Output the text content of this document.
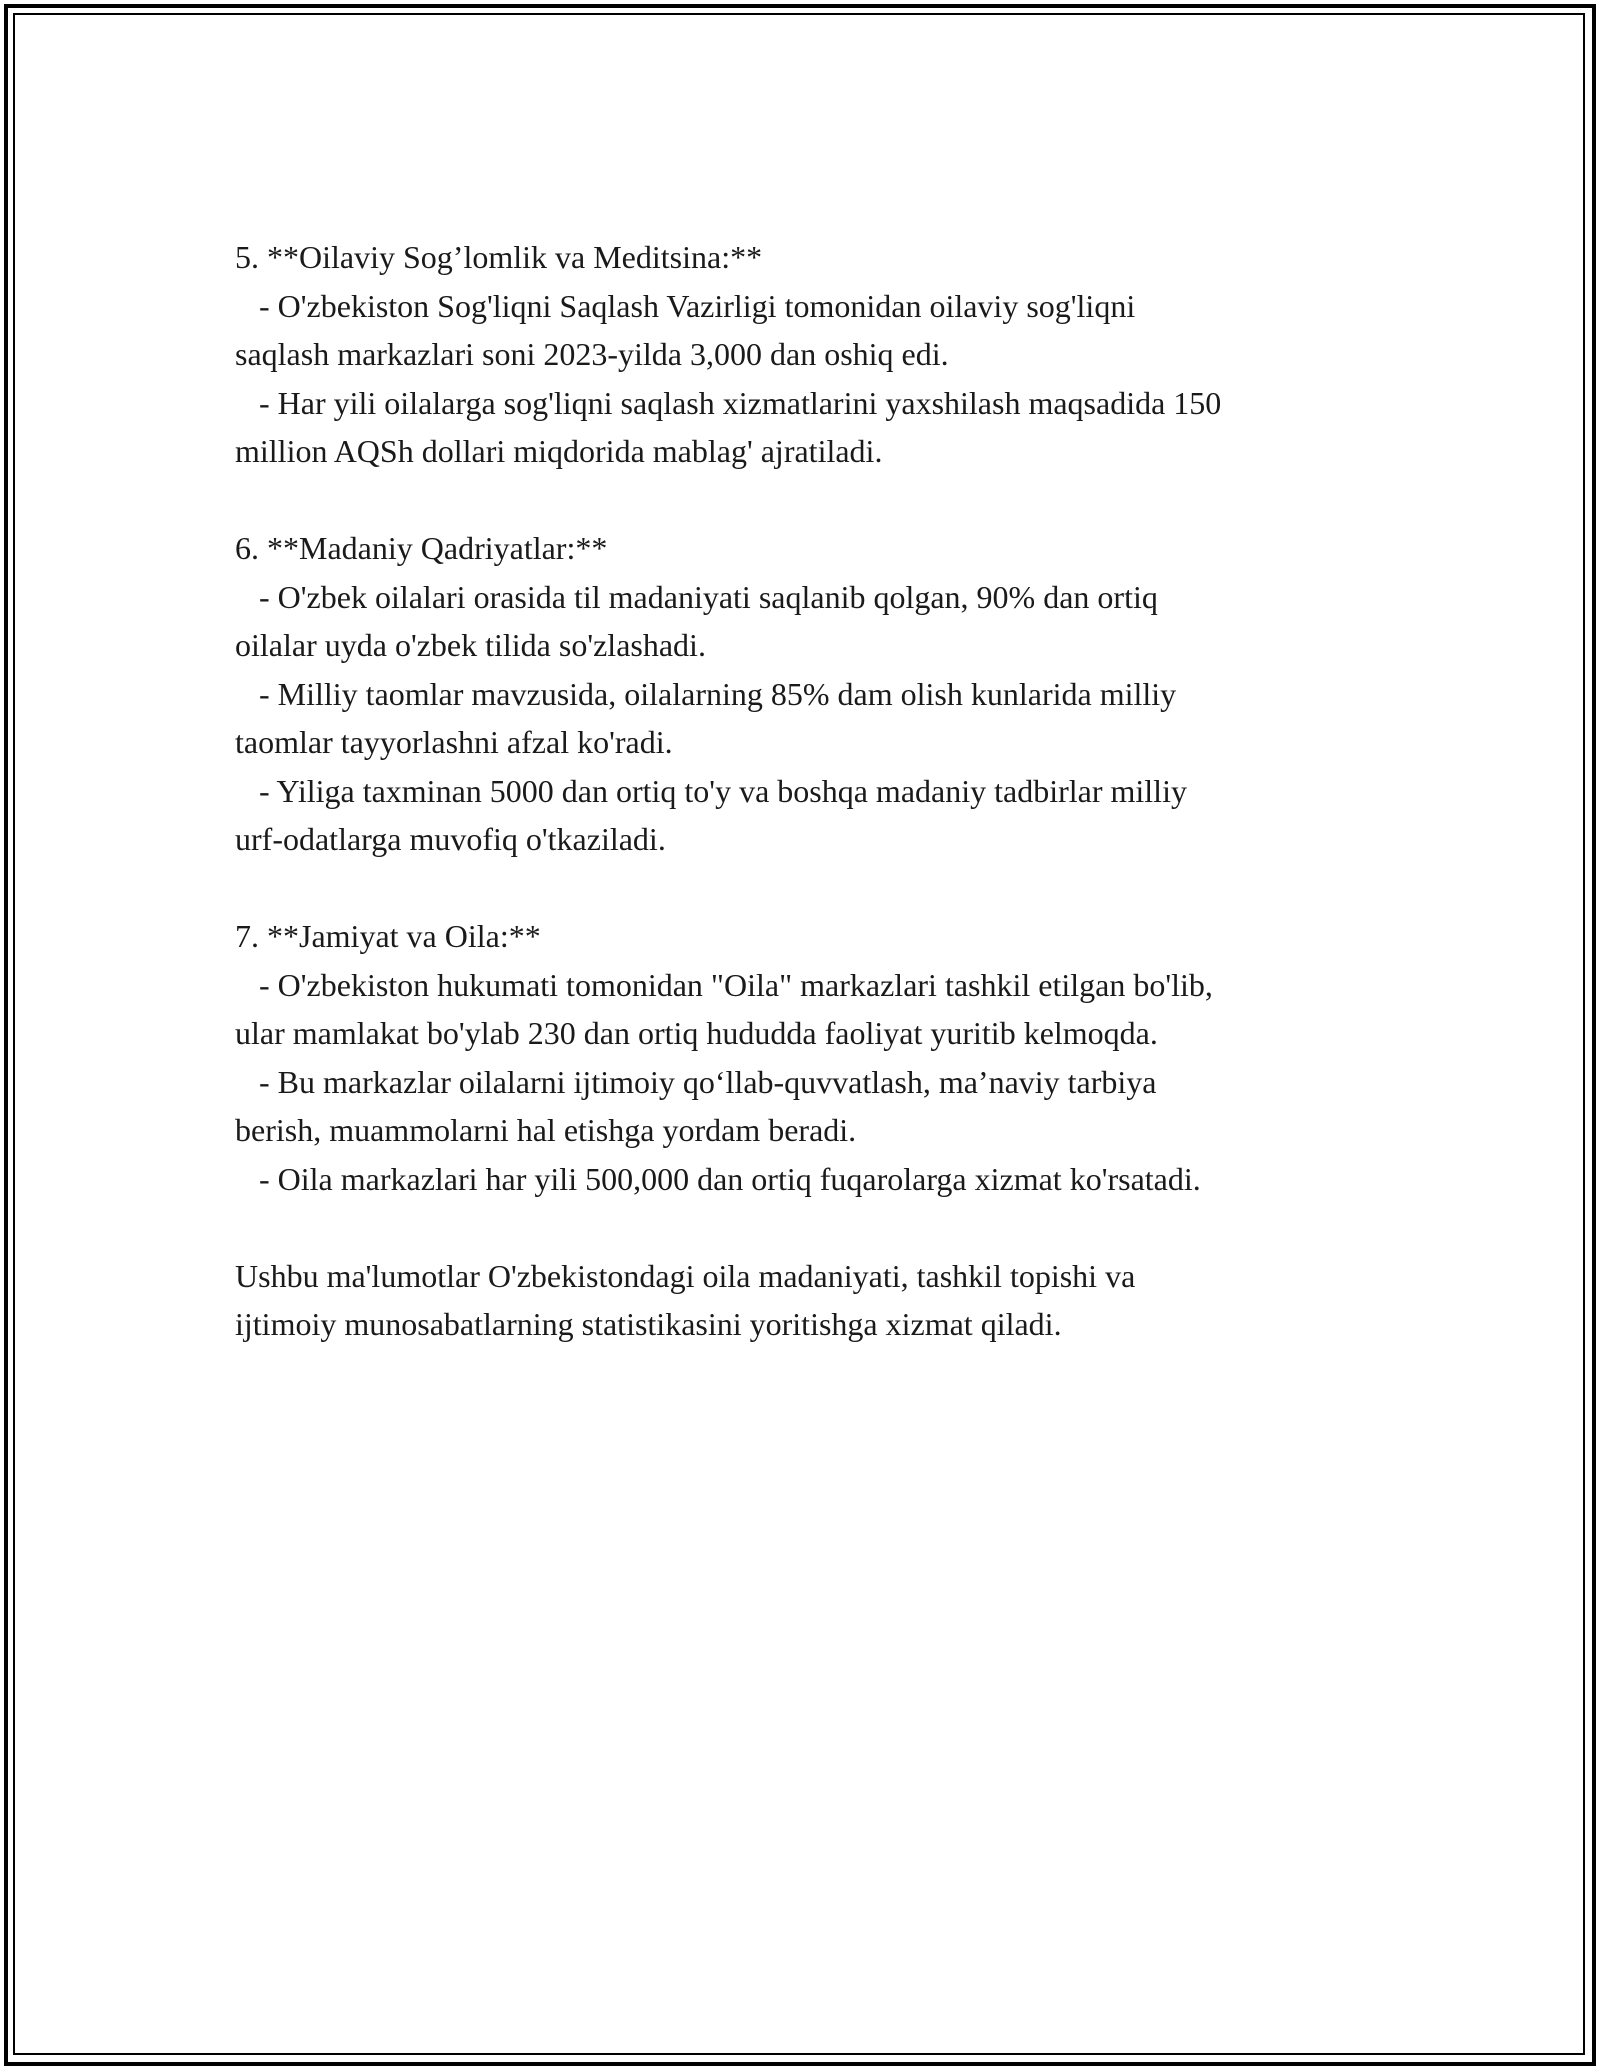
5. **Oilaviy Sog’lomlik va Meditsina:**
- O'zbekiston Sog'liqni Saqlash Vazirligi tomonidan oilaviy sog'liqni
saqlash markazlari soni 2023-yilda 3,000 dan oshiq edi.
- Har yili oilalarga sog'liqni saqlash xizmatlarini yaxshilash maqsadida 150
million AQSh dollari miqdorida mablag' ajratiladi.
6. **Madaniy Qadriyatlar:**
- O'zbek oilalari orasida til madaniyati saqlanib qolgan, 90% dan ortiq
oilalar uyda o'zbek tilida so'zlashadi.
- Milliy taomlar mavzusida, oilalarning 85% dam olish kunlarida milliy
taomlar tayyorlashni afzal ko'radi.
- Yiliga taxminan 5000 dan ortiq to'y va boshqa madaniy tadbirlar milliy
urf-odatlarga muvofiq o'tkaziladi.
7. **Jamiyat va Oila:**
- O'zbekiston hukumati tomonidan "Oila" markazlari tashkil etilgan bo'lib,
ular mamlakat bo'ylab 230 dan ortiq hududda faoliyat yuritib kelmoqda.
- Bu markazlar oilalarni ijtimoiy qo‘llab-quvvatlash, ma’naviy tarbiya
berish, muammolarni hal etishga yordam beradi.
- Oila markazlari har yili 500,000 dan ortiq fuqarolarga xizmat ko'rsatadi.
Ushbu ma'lumotlar O'zbekistondagi oila madaniyati, tashkil topishi va
ijtimoiy munosabatlarning statistikasini yoritishga xizmat qiladi.
